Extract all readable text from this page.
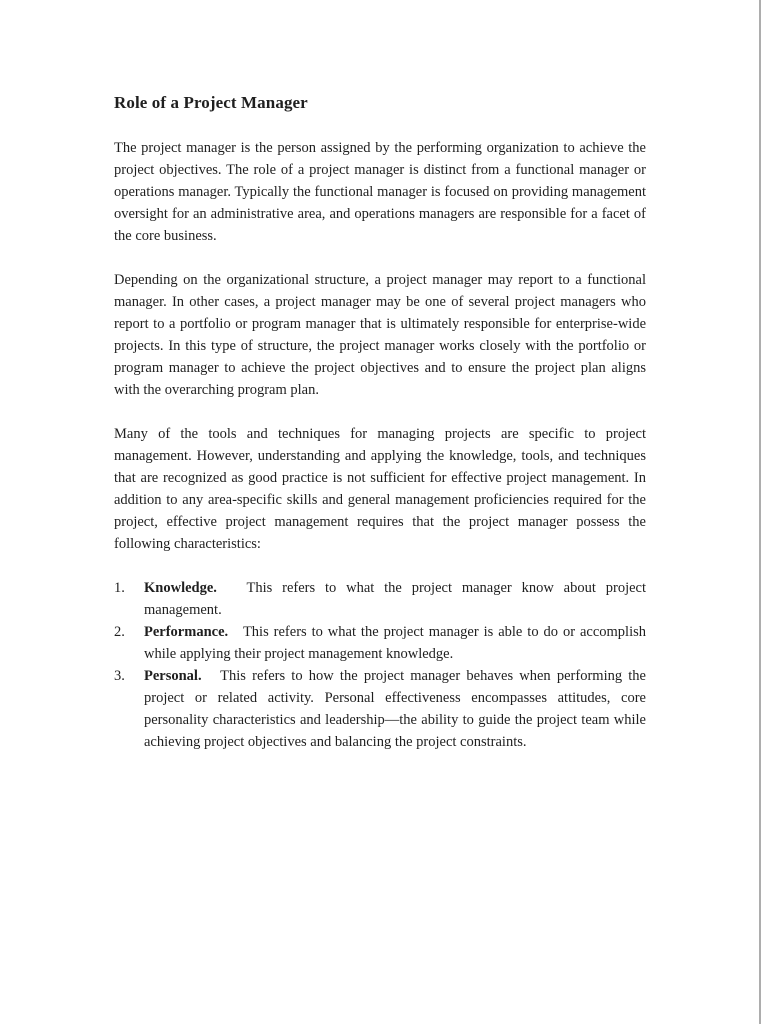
Role of a Project Manager

The project manager is the person assigned by the performing organization to achieve the project objectives. The role of a project manager is distinct from a functional manager or operations manager. Typically the functional manager is focused on providing management oversight for an administrative area, and operations managers are responsible for a facet of the core business.

Depending on the organizational structure, a project manager may report to a functional manager. In other cases, a project manager may be one of several project managers who report to a portfolio or program manager that is ultimately responsible for enterprise-wide projects. In this type of structure, the project manager works closely with the portfolio or program manager to achieve the project objectives and to ensure the project plan aligns with the overarching program plan.

Many of the tools and techniques for managing projects are specific to project management. However, understanding and applying the knowledge, tools, and techniques that are recognized as good practice is not sufficient for effective project management. In addition to any area-specific skills and general management proficiencies required for the project, effective project management requires that the project manager possess the following characteristics:

1.	Knowledge. This refers to what the project manager know about project management.
2.	Performance. This refers to what the project manager is able to do or accomplish while applying their project management knowledge.
3.	Personal. This refers to how the project manager behaves when performing the project or related activity. Personal effectiveness encompasses attitudes, core personality characteristics and leadership—the ability to guide the project team while achieving project objectives and balancing the project constraints.
